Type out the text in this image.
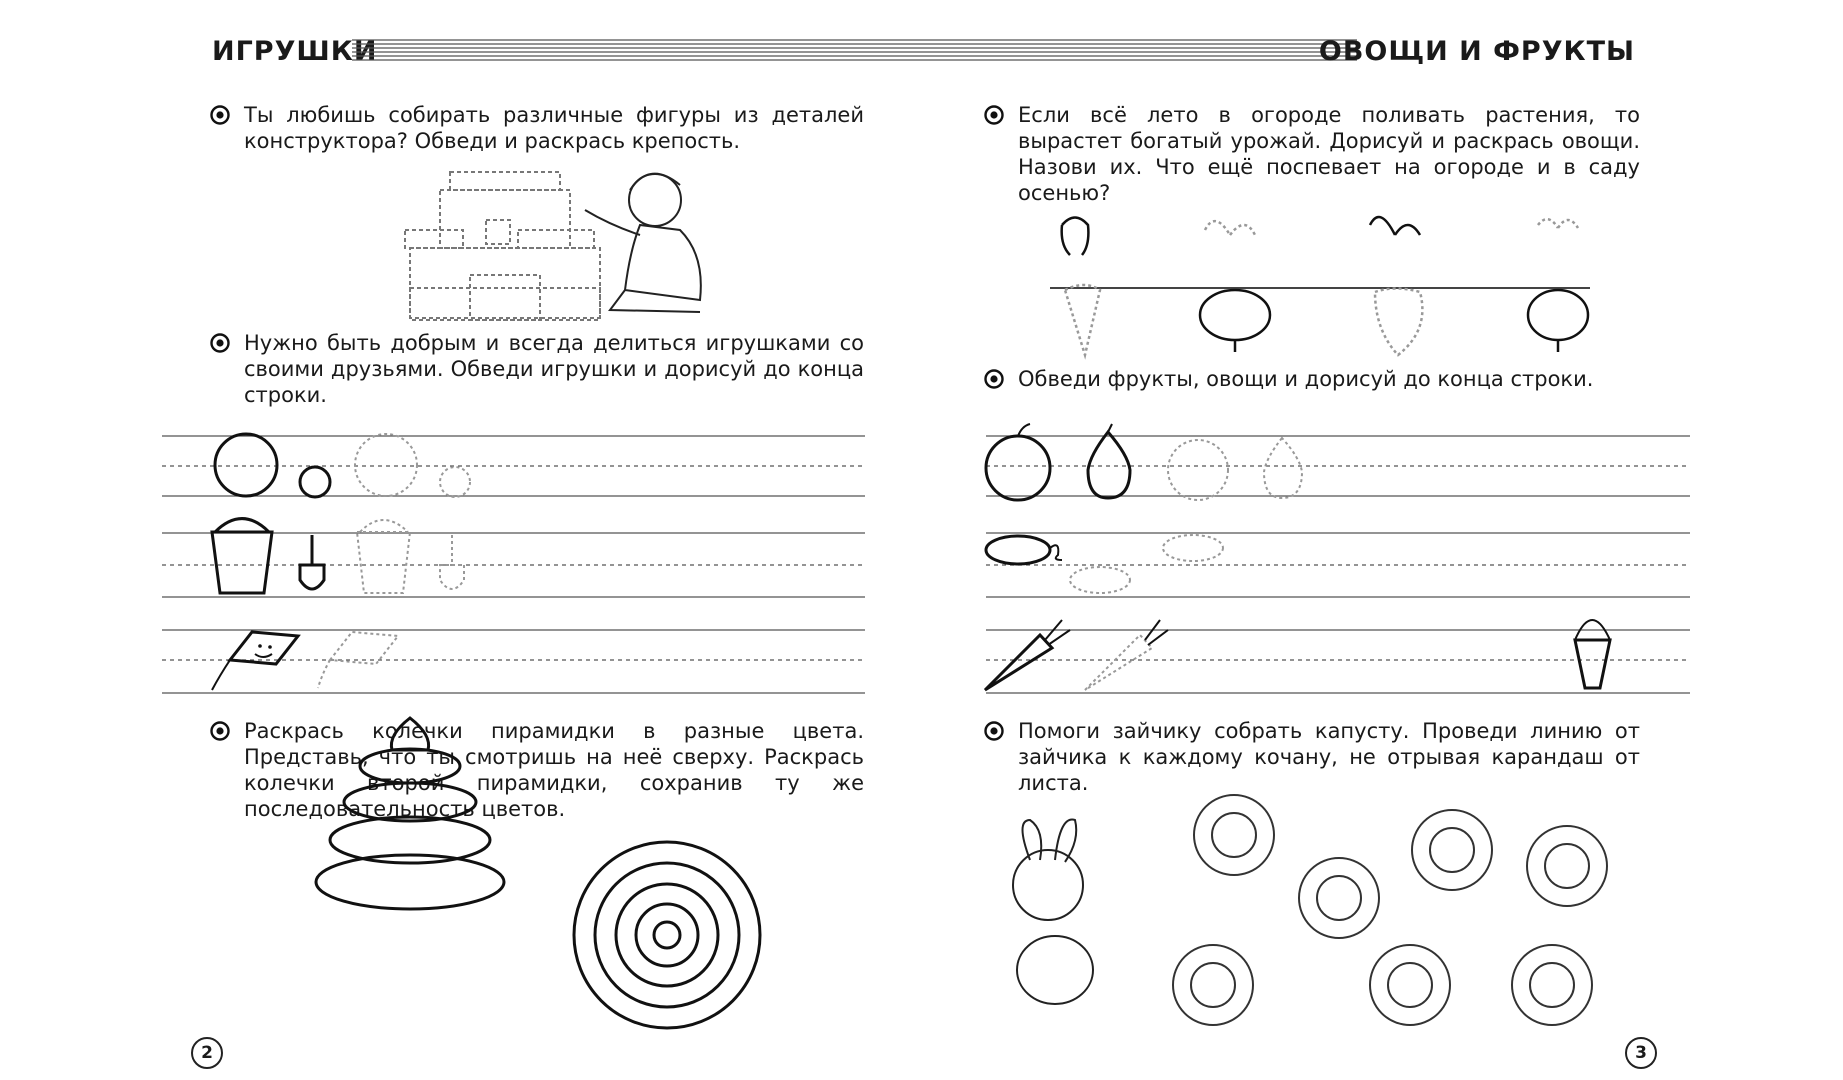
ИГРУШКИ	ОВОЩИ И ФРУКТЫ
Ты любишь собирать различные фигуры из деталей конструктора? Обведи и раскрась крепость.
Нужно быть добрым и всегда делиться игрушками со своими друзьями. Обведи игрушки и дорисуй до конца строки.
Раскрась колечки пирамидки в разные цвета. Представь, что ты смотришь на неё сверху. Раскрась колечки второй пирамидки, сохранив ту же последовательность цветов.
Если всё лето в огороде поливать растения, то вырастет богатый урожай. Дорисуй и раскрась овощи. Назови их. Что ещё поспевает на огороде и в саду осенью?
Обведи фрукты, овощи и дорисуй до конца строки.
Помоги зайчику собрать капусту. Проведи линию от зайчика к каждому кочану, не отрывая карандаш от листа.
2	3
